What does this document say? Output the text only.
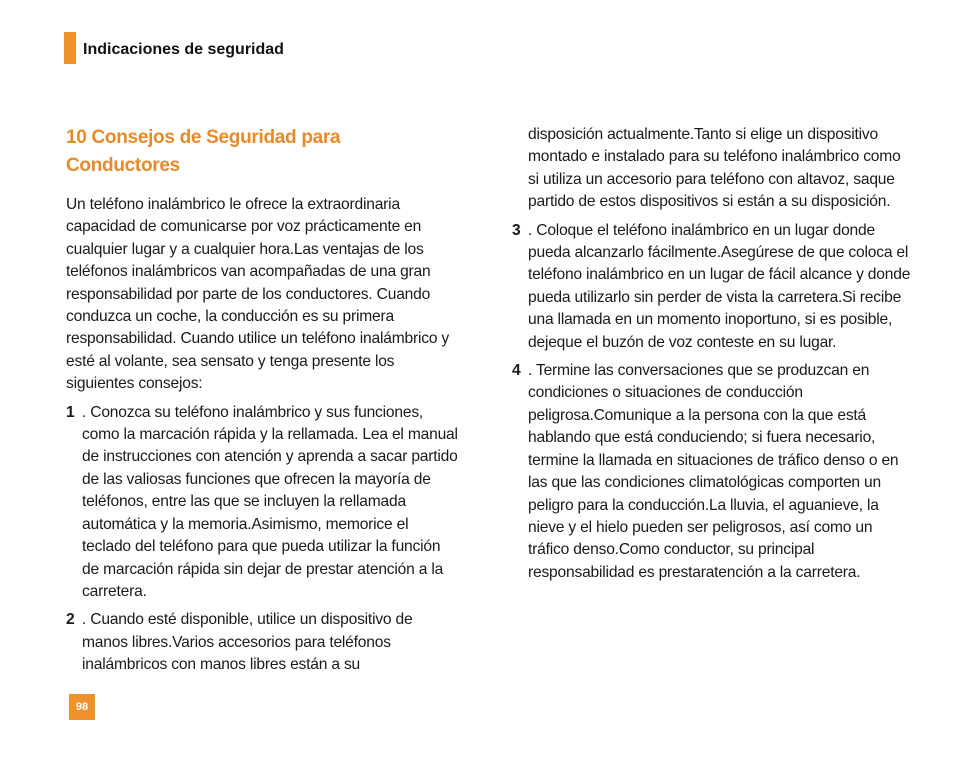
Indicaciones de seguridad
10 Consejos de Seguridad para Conductores

Un teléfono inalámbrico le ofrece la extraordinaria capacidad de comunicarse por voz prácticamente en cualquier lugar y a cualquier hora.Las ventajas de los teléfonos inalámbricos van acompañadas de una gran responsabilidad por parte de los conductores. Cuando conduzca un coche, la conducción es su primera responsabilidad. Cuando utilice un teléfono inalámbrico y esté al volante, sea sensato y tenga presente los siguientes consejos:

1 . Conozca su teléfono inalámbrico y sus funciones, como la marcación rápida y la rellamada. Lea el manual de instrucciones con atención y aprenda a sacar partido de las valiosas funciones que ofrecen la mayoría de teléfonos, entre las que se incluyen la rellamada automática y la memoria.Asimismo, memorice el teclado del teléfono para que pueda utilizar la función de marcación rápida sin dejar de prestar atención a la carretera.
2 . Cuando esté disponible, utilice un dispositivo de manos libres.Varios accesorios para teléfonos inalámbricos con manos libres están a su

disposición actualmente.Tanto si elige un dispositivo montado e instalado para su teléfono inalámbrico como si utiliza un accesorio para teléfono con altavoz, saque partido de estos dispositivos si están a su disposición.

3 . Coloque el teléfono inalámbrico en un lugar donde pueda alcanzarlo fácilmente.Asegúrese de que coloca el teléfono inalámbrico en un lugar de fácil alcance y donde pueda utilizarlo sin perder de vista la carretera.Si recibe una llamada en un momento inoportuno, si es posible, dejeque el buzón de voz conteste en su lugar.
4 . Termine las conversaciones que se produzcan en condiciones o situaciones de conducción peligrosa.Comunique a la persona con la que está hablando que está conduciendo; si fuera necesario, termine la llamada en situaciones de tráfico denso o en las que las condiciones climatológicas comporten un peligro para la conducción.La lluvia, el aguanieve, la nieve y el hielo pueden ser peligrosos, así como un tráfico denso.Como conductor, su principal responsabilidad es prestaratención a la carretera.
98
